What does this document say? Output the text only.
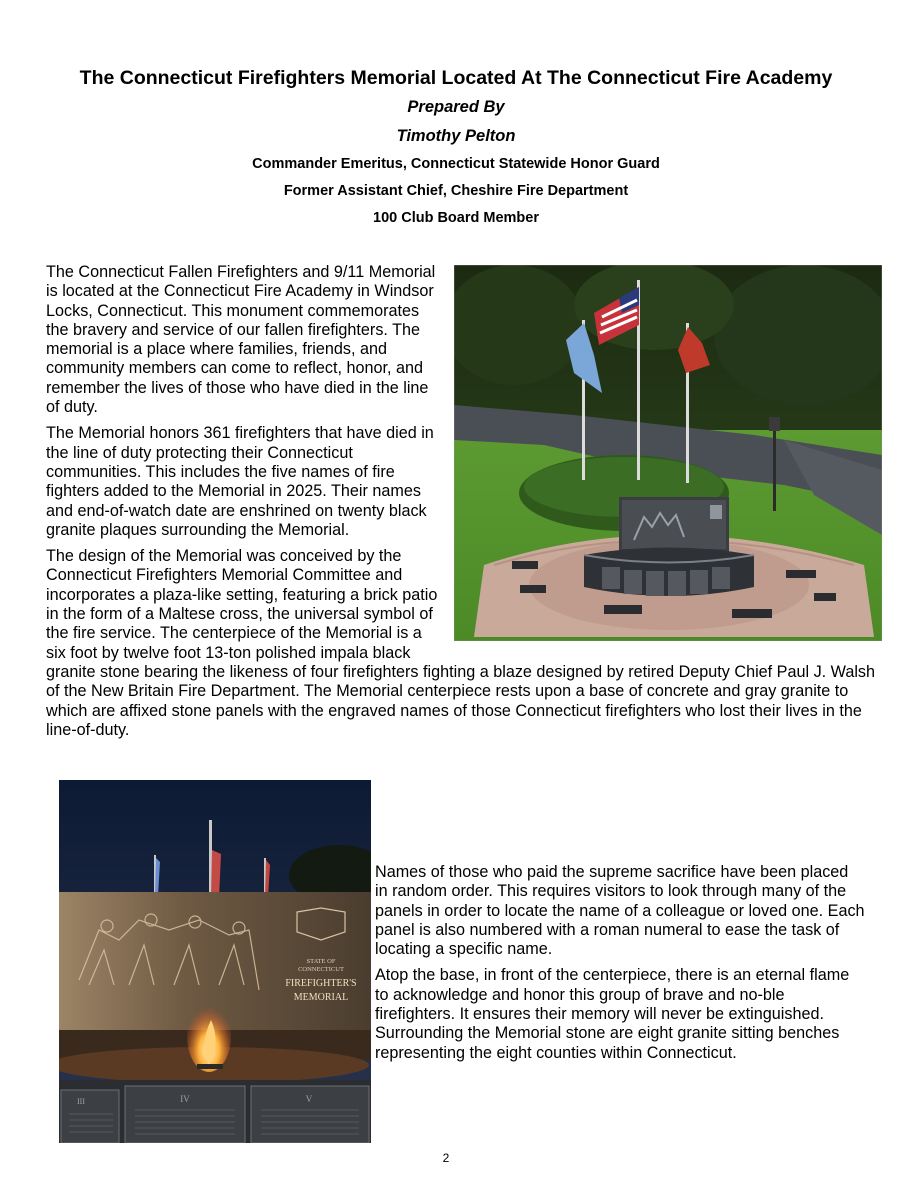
The Connecticut Firefighters Memorial Located At The Connecticut Fire Academy
Prepared By
Timothy Pelton
Commander Emeritus, Connecticut Statewide Honor Guard
Former Assistant Chief, Cheshire Fire Department
100 Club Board Member

The Connecticut Fallen Firefighters and 9/11 Memorial is located at the Connecticut Fire Academy in Windsor Locks, Connecticut. This monument commemorates the bravery and service of our fallen firefighters. The memorial is a place where families, friends, and community members can come to reflect, honor, and remember the lives of those who have died in the line of duty.

The Memorial honors 361 firefighters that have died in the line of duty protecting their Connecticut communities. This includes the five names of fire fighters added to the Memorial in 2025. Their names and end-of-watch date are enshrined on twenty black granite plaques surrounding the Memorial.

The design of the Memorial was conceived by the Connecticut Firefighters Memorial Committee and incorporates a plaza-like setting, featuring a brick patio in the form of a Maltese cross, the universal symbol of the fire service. The centerpiece of the Memorial is a six foot by twelve foot 13-ton polished impala black granite stone bearing the likeness of four firefighters fighting a blaze designed by retired Deputy Chief Paul J. Walsh of the New Britain Fire Department. The Memorial centerpiece rests upon a base of concrete and gray granite to which are affixed stone panels with the engraved names of those Connecticut firefighters who lost their lives in the line-of-duty.

STATE OF
CONNECTICUT
FIREFIGHTER'S
MEMORIAL
III	IV	V

Names of those who paid the supreme sacrifice have been placed in random order. This requires visitors to look through many of the panels in order to locate the name of a colleague or loved one. Each panel is also numbered with a roman numeral to ease the task of locating a specific name.

Atop the base, in front of the centerpiece, there is an eternal flame to acknowledge and honor this group of brave and no-ble firefighters. It ensures their memory will never be extinguished. Surrounding the Memorial stone are eight granite sitting benches representing the eight counties within Connecticut.

2
